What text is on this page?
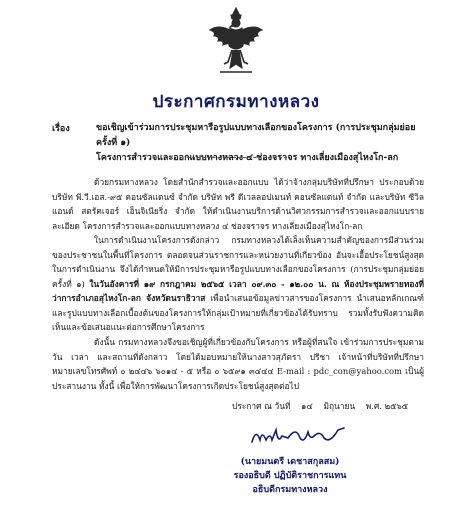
ประกาศกรมทางหลวง
เรื่อง	ขอเชิญเข้าร่วมการประชุมหารือรูปแบบทางเลือกของโครงการ (การประชุมกลุ่มย่อย ครั้งที่ ๑)
โครงการสำรวจและออกแบบทางหลวง ๔ ช่องจราจร ทางเลี่ยงเมืองสุไหงโก-ลก
ด้วยกรมทางหลวง โดยสำนักสำรวจและออกแบบ ได้ว่าจ้างกลุ่มบริษัทที่ปรึกษา ประกอบด้วย บริษัท พี.วี.เอส.-๙๕ คอนซัลแตนซ์ จำกัด บริษัท พรี ดีเวลลอปเมนท์ คอนซัลแตนท์ จำกัด และบริษัท ซีวิล แอนด์ สตรัคเจอร์ เอ็นจิเนียริ่ง จำกัด ให้ดำเนินงานบริการด้านวิศวกรรมการสำรวจและออกแบบรายละเอียด โครงการสำรวจและออกแบบทางหลวง ๔ ช่องจราจร ทางเลี่ยงเมืองสุไหงโก-ลก
ในการดำเนินงานโครงการดังกล่าว กรมทางหลวงได้เล็งเห็นความสำคัญของการมีส่วนร่วมของประชาชนในพื้นที่โครงการ ตลอดจนส่วนราชการและหน่วยงานที่เกี่ยวข้อง อันจะเอื้อประโยชน์สูงสุดในการดำเนินงาน จึงได้กำหนดให้มีการประชุมหารือรูปแบบทางเลือกของโครงการ (การประชุมกลุ่มย่อยครั้งที่ ๑) ในวันอังคารที่ ๑๙ กรกฎาคม ๒๕๖๕ เวลา ๐๙.๓๐ - ๑๒.๐๐ น. ณ ห้องประชุมพรายทองที่ว่าการอำเภอสุไหงโก-ลก จังหวัดนราธิวาส เพื่อนำเสนอข้อมูลข่าวสารของโครงการ นำเสนอหลักเกณฑ์และรูปแบบทางเลือกเบื้องต้นของโครงการให้กลุ่มเป้าหมายที่เกี่ยวข้องได้รับทราบ รวมทั้งรับฟังความคิดเห็นและข้อเสนอแนะต่อการศึกษาโครงการ
ดังนั้น กรมทางหลวงจึงขอเชิญผู้ที่เกี่ยวข้องกับโครงการ หรือผู้ที่สนใจ เข้าร่วมการประชุมตามวัน เวลา และสถานที่ดังกล่าว โดยได้มอบหมายให้นางสาวสุภัตรา ปรีชา เจ้าหน้าที่บริษัทที่ปรึกษา หมายเลขโทรศัพท์ ๐ ๒๔๔๖ ๖๐๑๔ - ๕ หรือ ๐ ๖๕๙๑ ๓๔๔๔ E-mail : pdc_con@yahoo.com เป็นผู้ประสานงาน ทั้งนี้ เพื่อให้การพัฒนาโครงการเกิดประโยชน์สูงสุดต่อไป
ประกาศ ณ วันที่ ๑๔ มิถุนายน พ.ศ. ๒๕๖๕
(นายมนตรี เดชาสกุลสม)
รองอธิบดี ปฏิบัติราชการแทน
อธิบดีกรมทางหลวง
